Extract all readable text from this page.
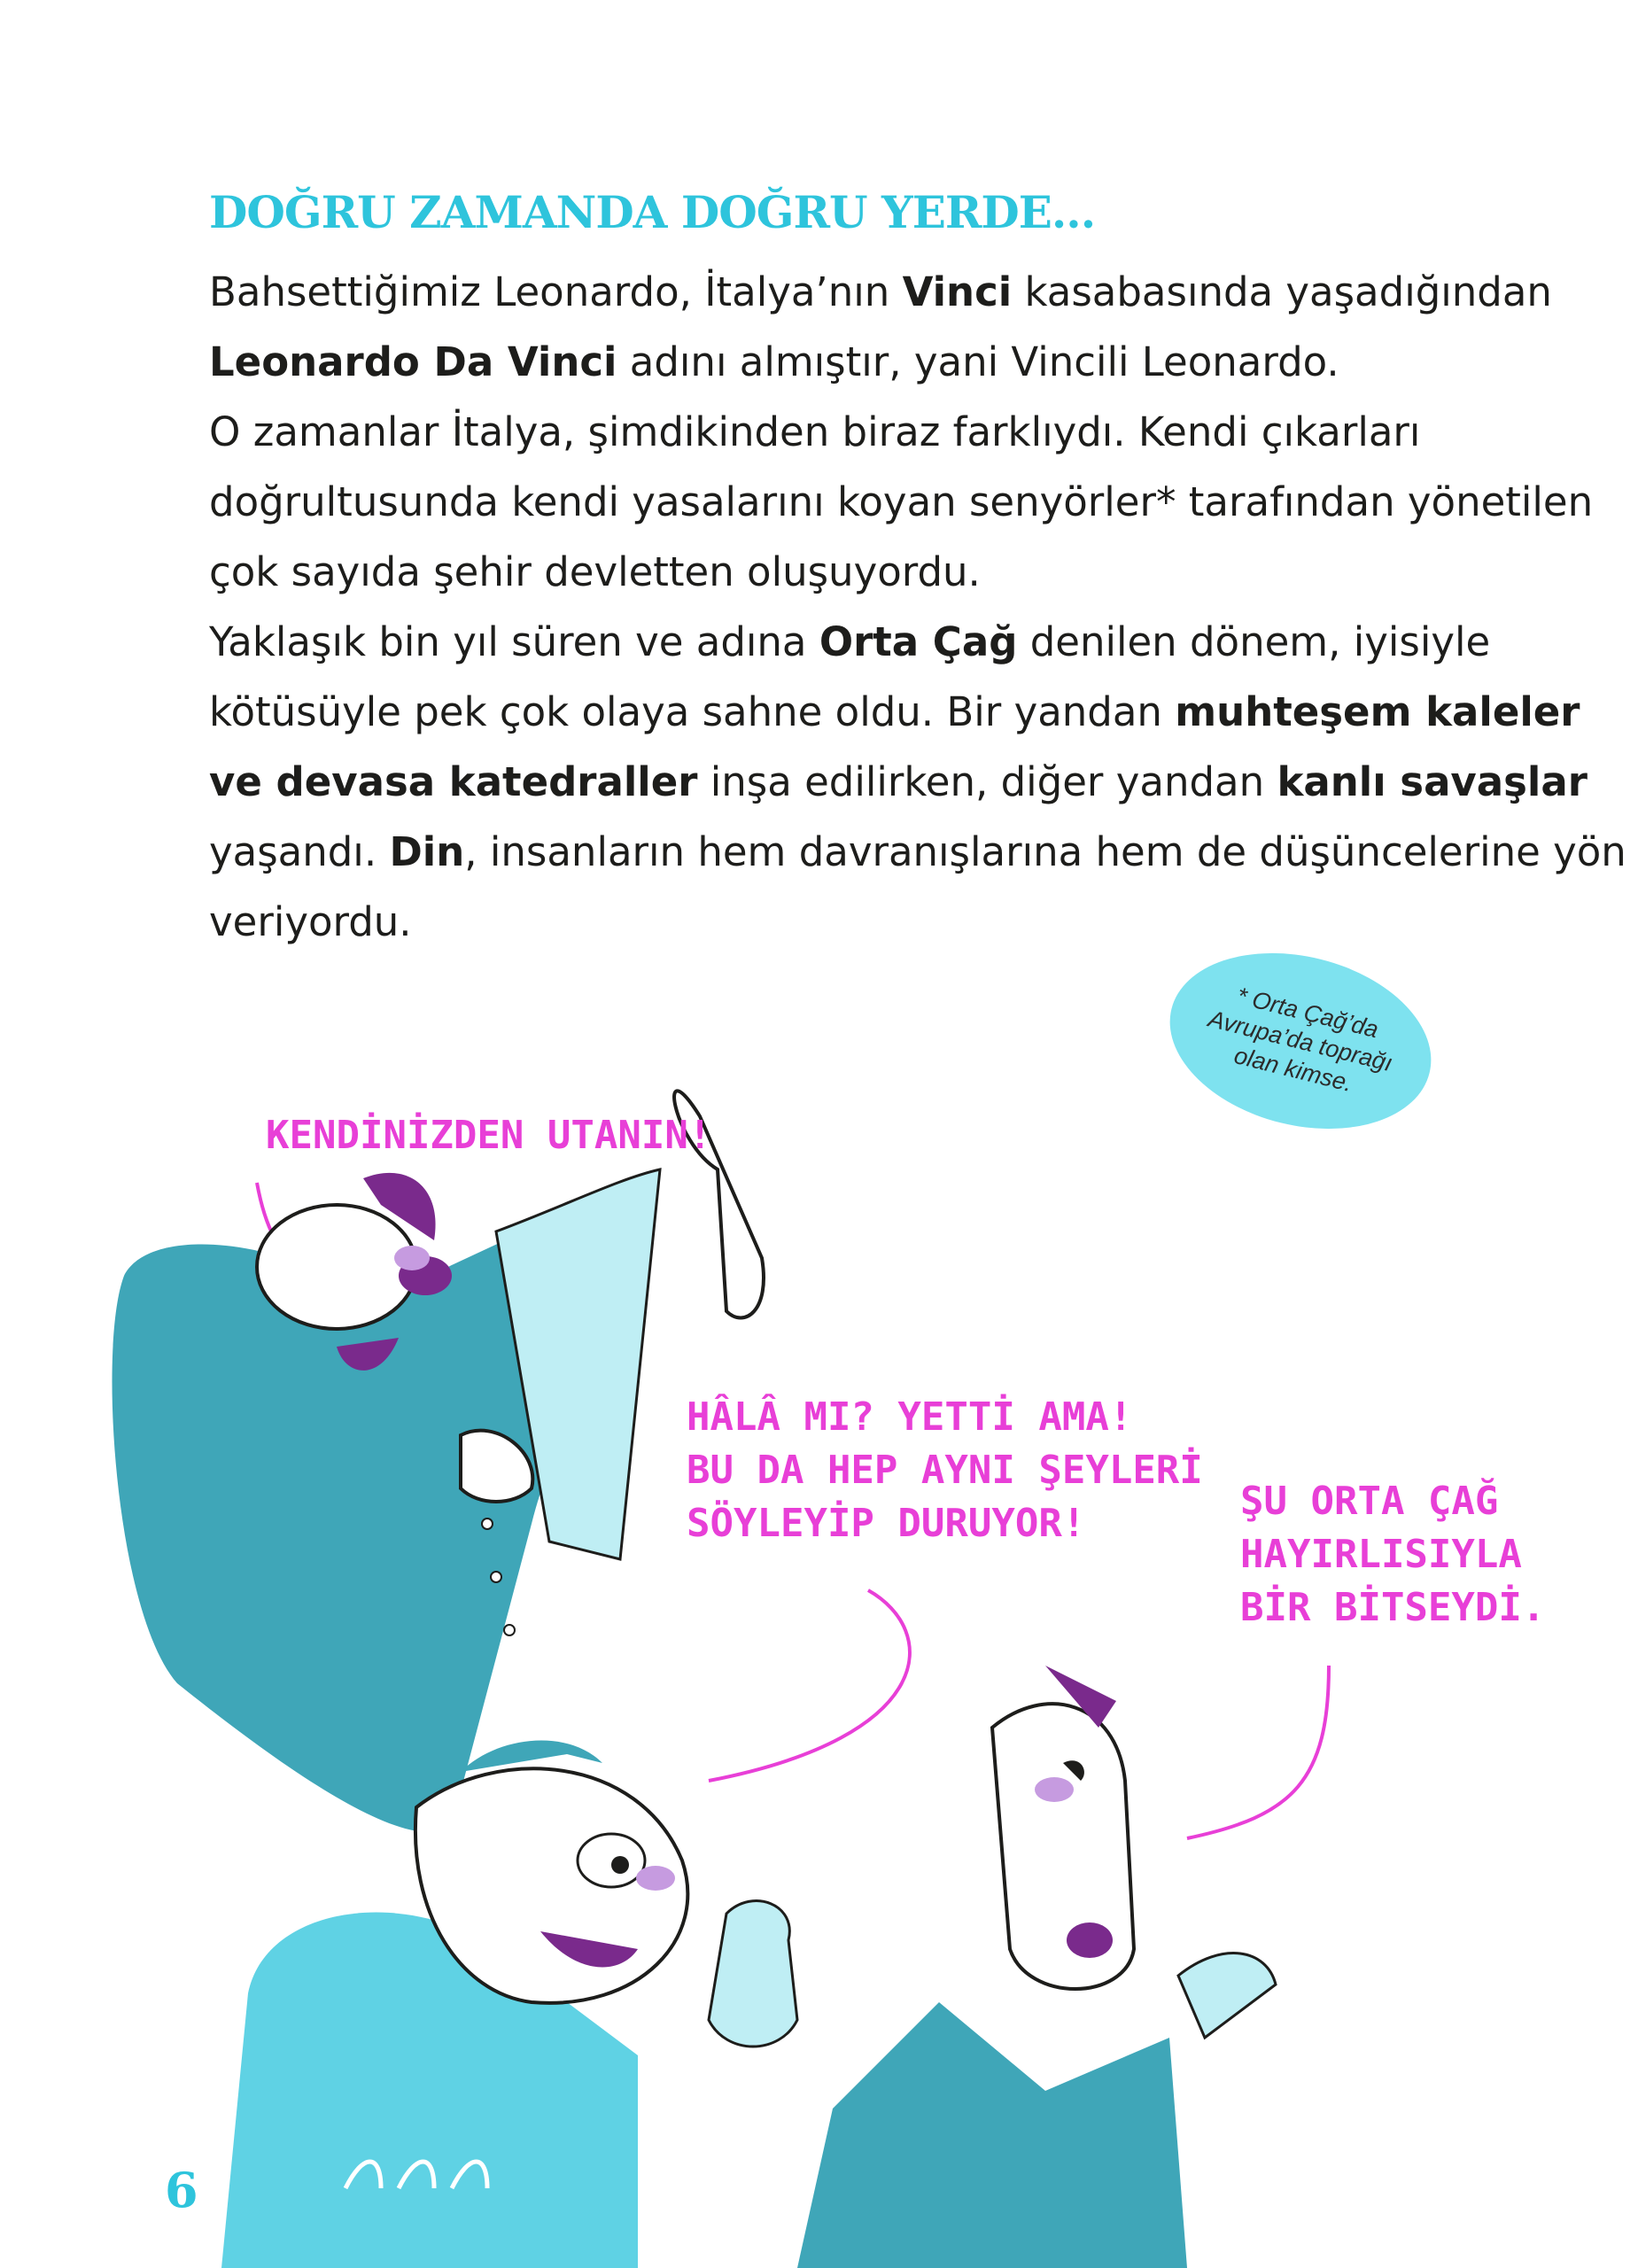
DOĞRU ZAMANDA DOĞRU YERDE...
Bahsettiğimiz Leonardo, İtalya’nın Vinci kasabasında yaşadığından
Leonardo Da Vinci adını almıştır, yani Vincili Leonardo.
O zamanlar İtalya, şimdikinden biraz farklıydı. Kendi çıkarları
doğrultusunda kendi yasalarını koyan senyörler* tarafından yönetilen
çok sayıda şehir devletten oluşuyordu.
Yaklaşık bin yıl süren ve adına Orta Çağ denilen dönem, iyisiyle
kötüsüyle pek çok olaya sahne oldu. Bir yandan muhteşem kaleler
ve devasa katedraller inşa edilirken, diğer yandan kanlı savaşlar
yaşandı. Din, insanların hem davranışlarına hem de düşüncelerine yön
veriyordu.
* Orta Çağ’da Avrupa’da toprağı olan kimse.
KENDİNİZDEN UTANIN!
HÂLÂ MI? YETTİ AMA!
BU DA HEP AYNI ŞEYLERİ
SÖYLEYİP DURUYOR!	ŞU ORTA ÇAĞ
HAYIRLISIYLA
BİR BİTSEYDİ.
6
